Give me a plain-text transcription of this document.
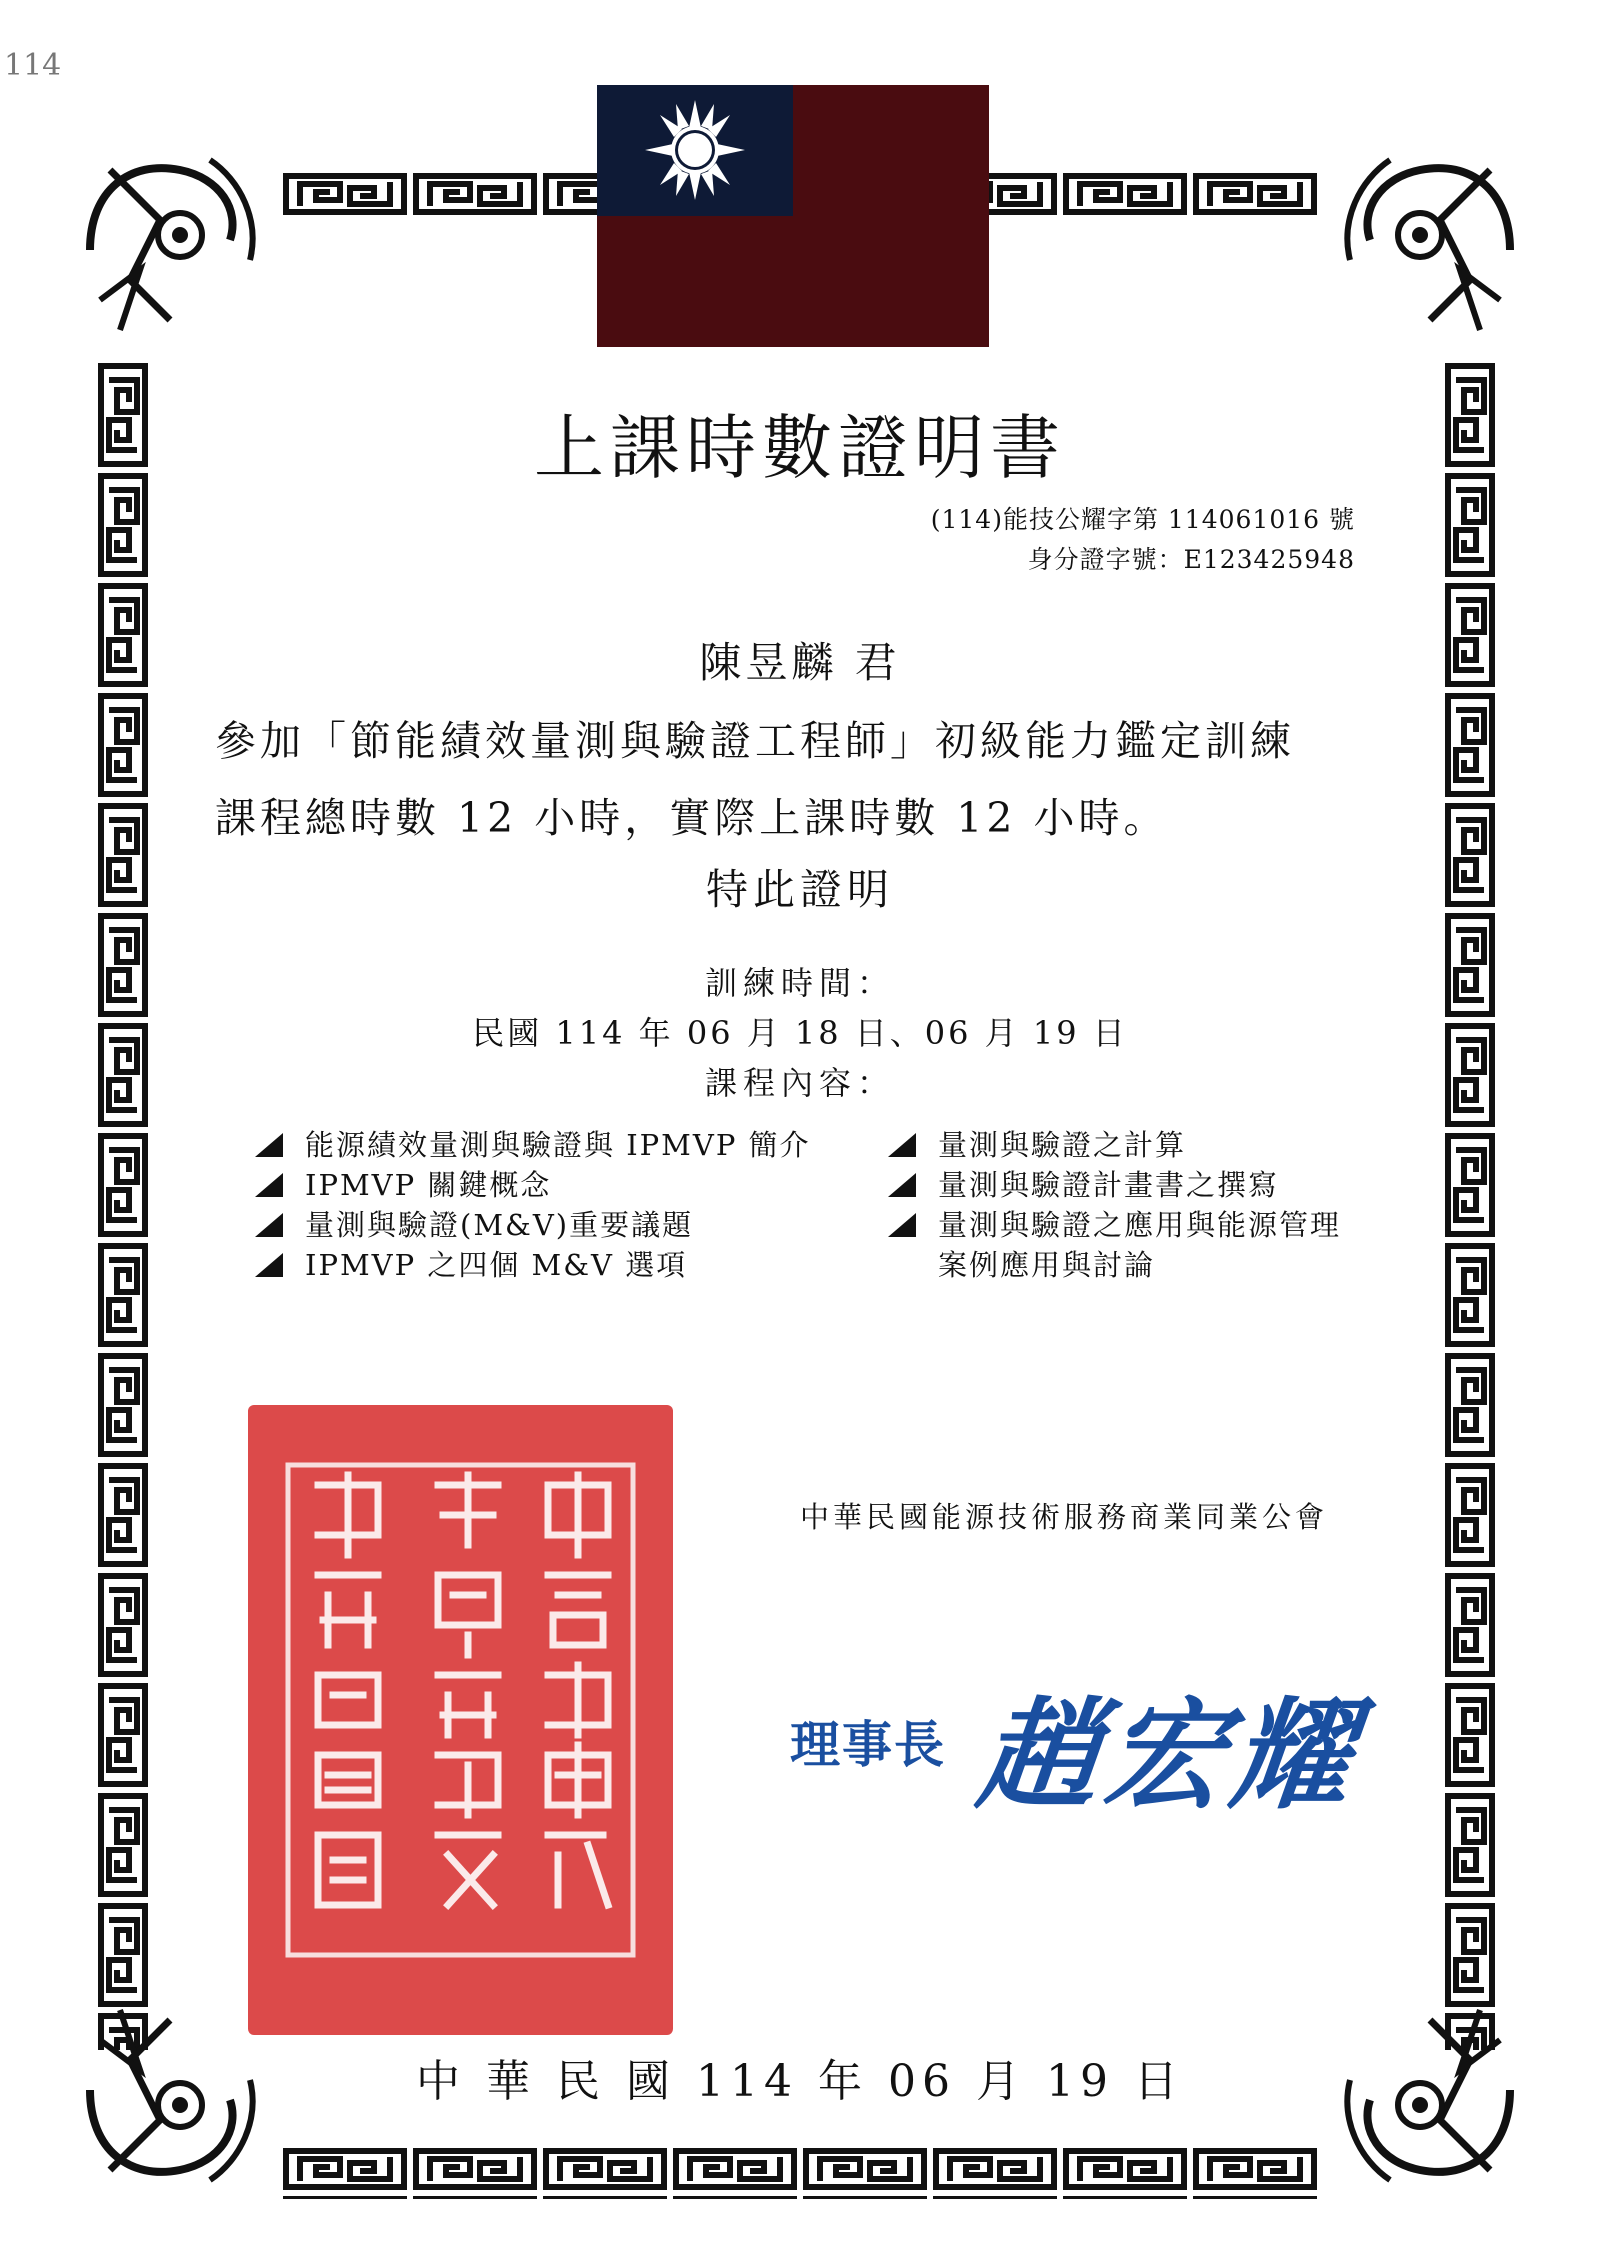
114
上課時數證明書
(114)能技公耀字第 114061016 號
身分證字號：E123425948
陳昱麟 君
參加「節能績效量測與驗證工程師」初級能力鑑定訓練
課程總時數 12 小時，實際上課時數 12 小時。
特此證明
訓練時間：
民國 114 年 06 月 18 日、06 月 19 日
課程內容：
能源績效量測與驗證與 IPMVP 簡介
IPMVP 關鍵概念
量測與驗證(M&V)重要議題
IPMVP 之四個 M&V 選項
量測與驗證之計算
量測與驗證計畫書之撰寫
量測與驗證之應用與能源管理
案例應用與討論
中華民國能源技術服務商業同業公會
理事長 趙宏耀
中華民國114 年 06 月 19 日
